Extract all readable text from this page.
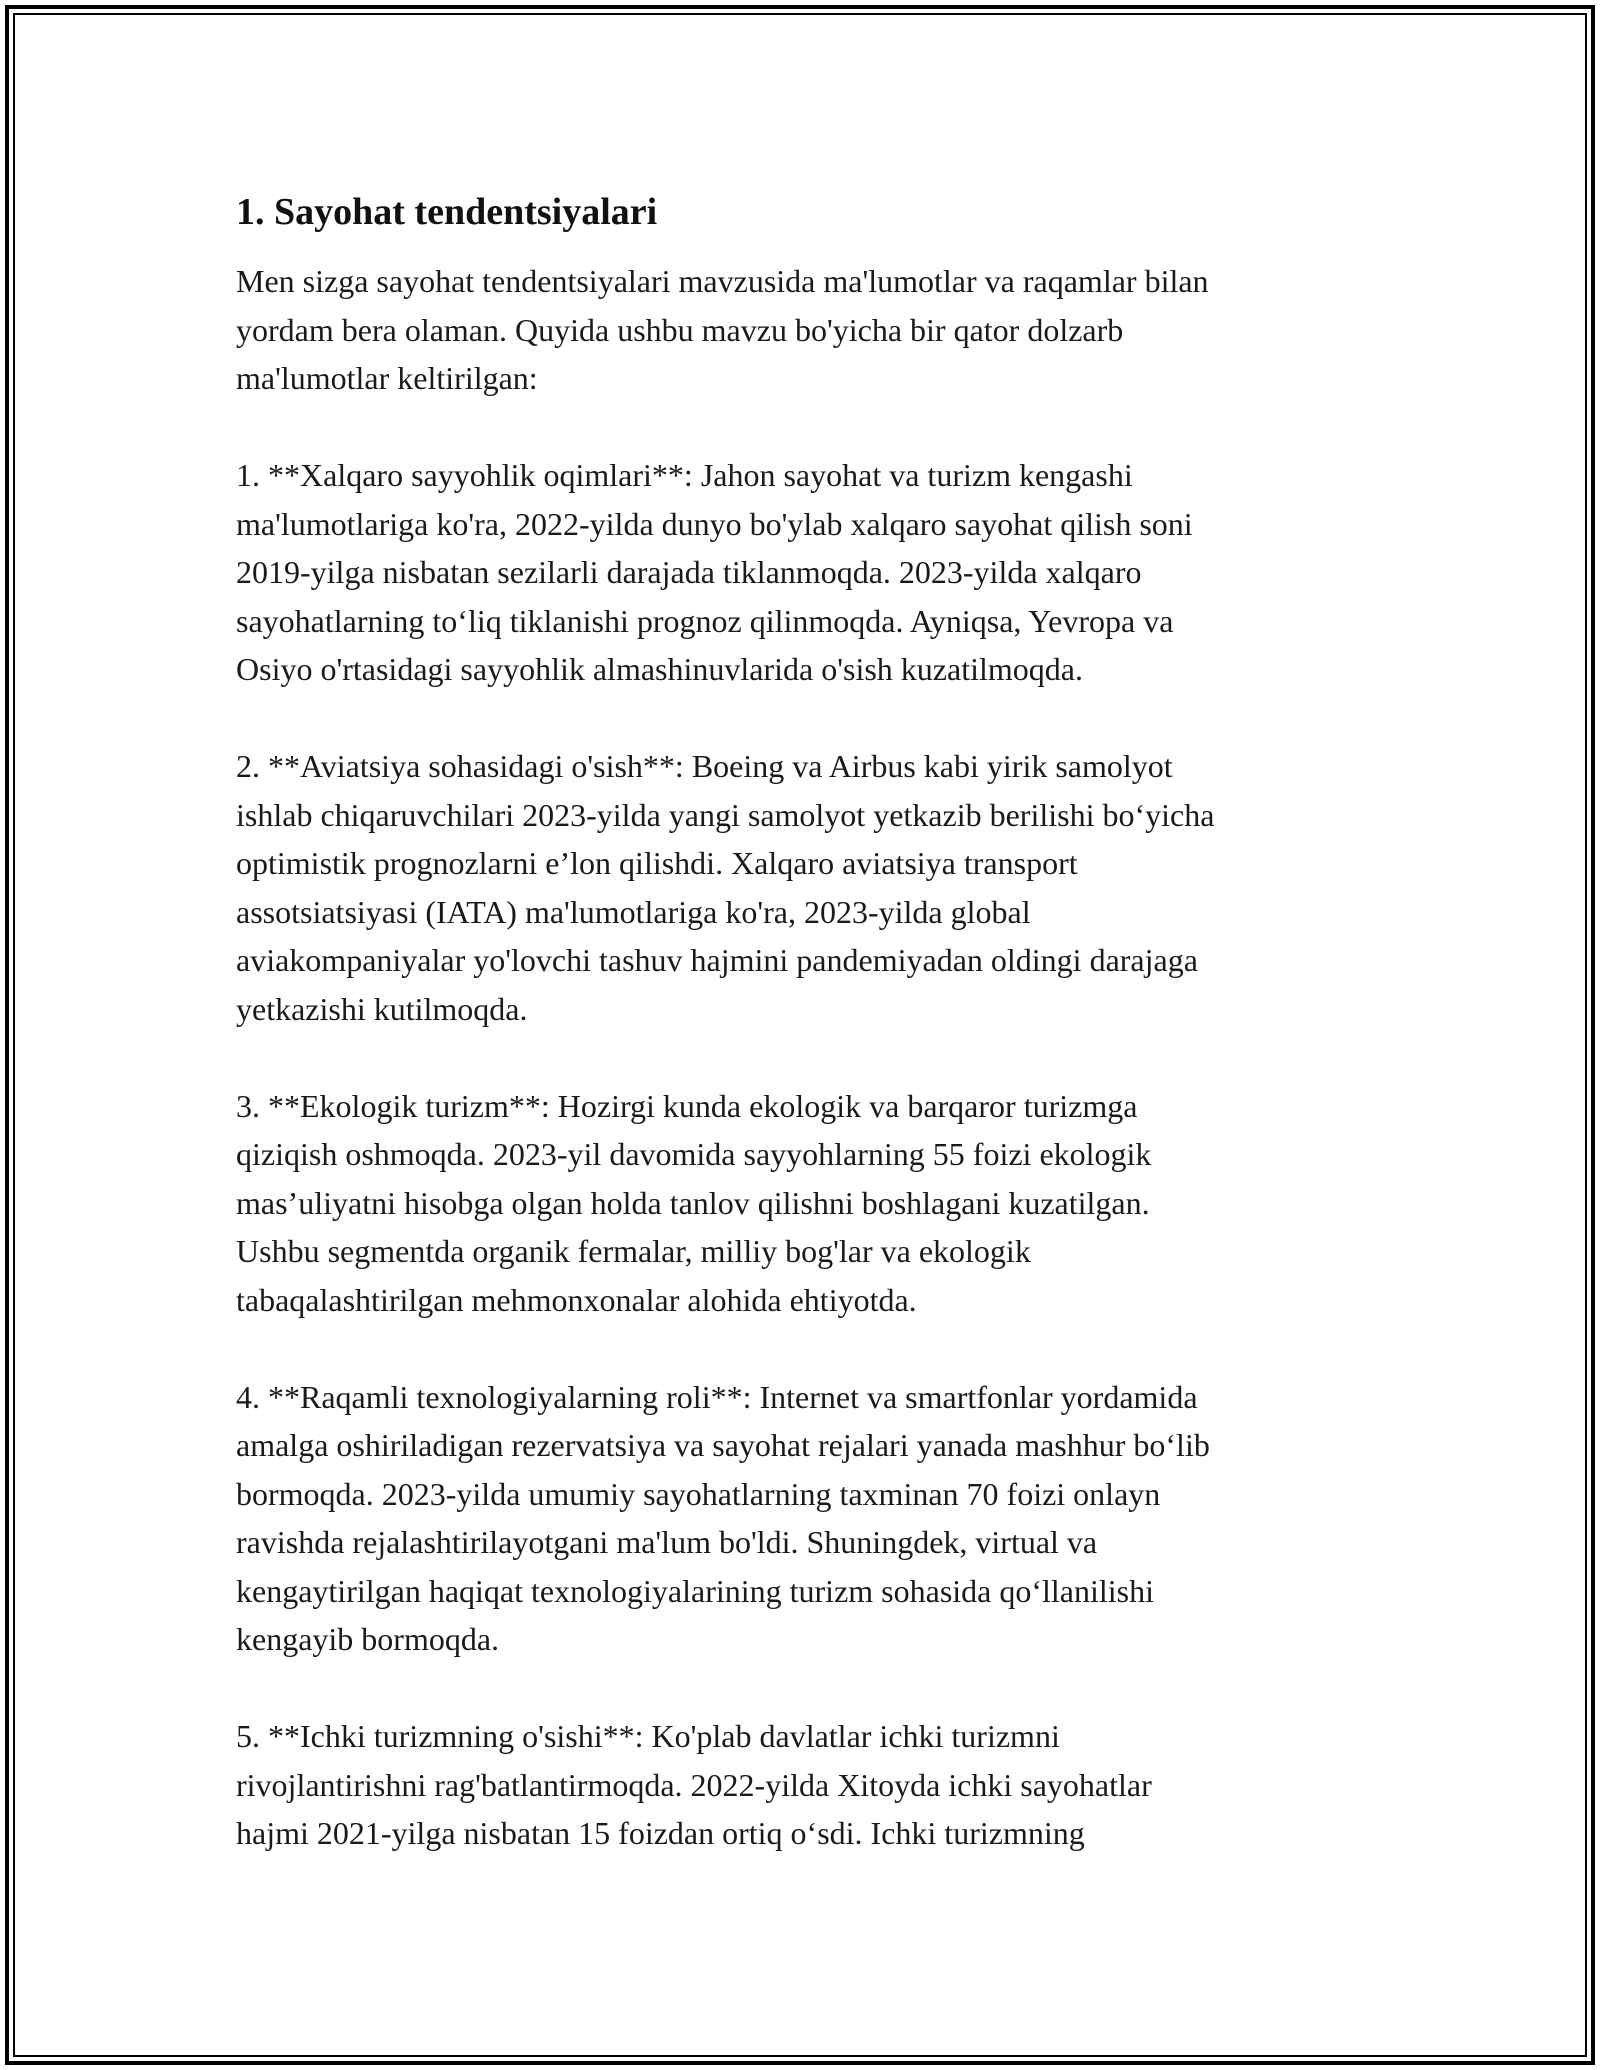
1. Sayohat tendentsiyalari

Men sizga sayohat tendentsiyalari mavzusida ma'lumotlar va raqamlar bilan
yordam bera olaman. Quyida ushbu mavzu bo'yicha bir qator dolzarb
ma'lumotlar keltirilgan:

1. **Xalqaro sayyohlik oqimlari**: Jahon sayohat va turizm kengashi
ma'lumotlariga ko'ra, 2022-yilda dunyo bo'ylab xalqaro sayohat qilish soni
2019-yilga nisbatan sezilarli darajada tiklanmoqda. 2023-yilda xalqaro
sayohatlarning to‘liq tiklanishi prognoz qilinmoqda. Ayniqsa, Yevropa va
Osiyo o'rtasidagi sayyohlik almashinuvlarida o'sish kuzatilmoqda.

2. **Aviatsiya sohasidagi o'sish**: Boeing va Airbus kabi yirik samolyot
ishlab chiqaruvchilari 2023-yilda yangi samolyot yetkazib berilishi bo‘yicha
optimistik prognozlarni e’lon qilishdi. Xalqaro aviatsiya transport
assotsiatsiyasi (IATA) ma'lumotlariga ko'ra, 2023-yilda global
aviakompaniyalar yo'lovchi tashuv hajmini pandemiyadan oldingi darajaga
yetkazishi kutilmoqda.

3. **Ekologik turizm**: Hozirgi kunda ekologik va barqaror turizmga
qiziqish oshmoqda. 2023-yil davomida sayyohlarning 55 foizi ekologik
mas’uliyatni hisobga olgan holda tanlov qilishni boshlagani kuzatilgan.
Ushbu segmentda organik fermalar, milliy bog'lar va ekologik
tabaqalashtirilgan mehmonxonalar alohida ehtiyotda.

4. **Raqamli texnologiyalarning roli**: Internet va smartfonlar yordamida
amalga oshiriladigan rezervatsiya va sayohat rejalari yanada mashhur bo‘lib
bormoqda. 2023-yilda umumiy sayohatlarning taxminan 70 foizi onlayn
ravishda rejalashtirilayotgani ma'lum bo'ldi. Shuningdek, virtual va
kengaytirilgan haqiqat texnologiyalarining turizm sohasida qo‘llanilishi
kengayib bormoqda.

5. **Ichki turizmning o'sishi**: Ko'plab davlatlar ichki turizmni
rivojlantirishni rag'batlantirmoqda. 2022-yilda Xitoyda ichki sayohatlar
hajmi 2021-yilga nisbatan 15 foizdan ortiq o‘sdi. Ichki turizmning
